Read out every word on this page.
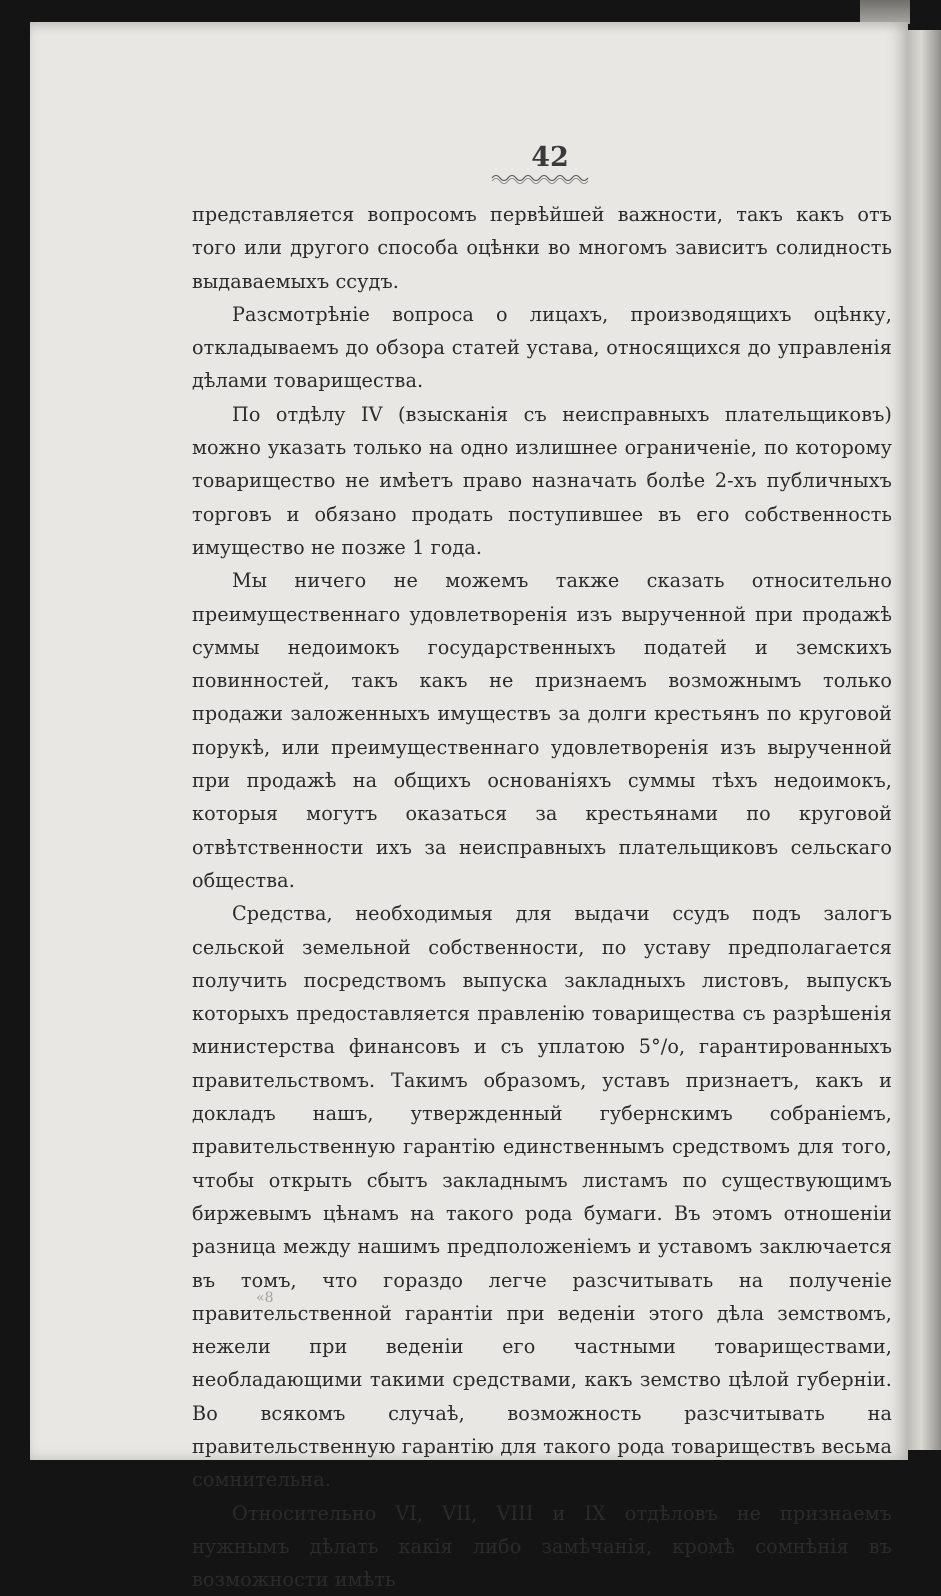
42

представляется вопросомъ первѣйшей важности, такъ какъ отъ того или другого способа оцѣнки во многомъ зависитъ солидность выдаваемыхъ ссудъ.

Разсмотрѣніе вопроса о лицахъ, производящихъ оцѣнку, откладываемъ до обзора статей устава, относящихся до управленія дѣлами товарищества.

По отдѣлу IV (взысканія съ неисправныхъ плательщиковъ) можно указать только на одно излишнее ограниченіе, по которому товарищество не имѣетъ право назначать болѣе 2-хъ публичныхъ торговъ и обязано продать поступившее въ его собственность имущество не позже 1 года.

Мы ничего не можемъ также сказать относительно преимущественнаго удовлетворенія изъ вырученной при продажѣ суммы недоимокъ государственныхъ податей и земскихъ повинностей, такъ какъ не признаемъ возможнымъ только продажи заложенныхъ имуществъ за долги крестьянъ по круговой порукѣ, или преимущественнаго удовлетворенія изъ вырученной при продажѣ на общихъ основаніяхъ суммы тѣхъ недоимокъ, которыя могутъ оказаться за крестьянами по круговой отвѣтственности ихъ за неисправныхъ плательщиковъ сельскаго общества.

Средства, необходимыя для выдачи ссудъ подъ залогъ сельской земельной собственности, по уставу предполагается получить посредствомъ выпуска закладныхъ листовъ, выпускъ которыхъ предоставляется правленію товарищества съ разрѣшенія министерства финансовъ и съ уплатою 5°/о, гарантированныхъ правительствомъ. Такимъ образомъ, уставъ признаетъ, какъ и докладъ нашъ, утвержденный губернскимъ собраніемъ, правительственную гарантію единственнымъ средствомъ для того, чтобы открыть сбытъ закладнымъ листамъ по существующимъ биржевымъ цѣнамъ на такого рода бумаги. Въ этомъ отношеніи разница между нашимъ предположеніемъ и уставомъ заключается въ томъ, что гораздо легче разсчитывать на полученіе правительственной гарантіи при веденіи этого дѣла земствомъ, нежели при веденіи его частными товариществами, необладающими такими средствами, какъ земство цѣлой губерніи. Во всякомъ случаѣ, возможность разсчитывать на правительственную гарантію для такого рода товариществъ весьма сомнительна.

Относительно VI, VII, VIII и IX отдѣловъ не признаемъ нужнымъ дѣлать какія либо замѣчанія, кромѣ сомнѣнія въ возможности имѣть

«8
